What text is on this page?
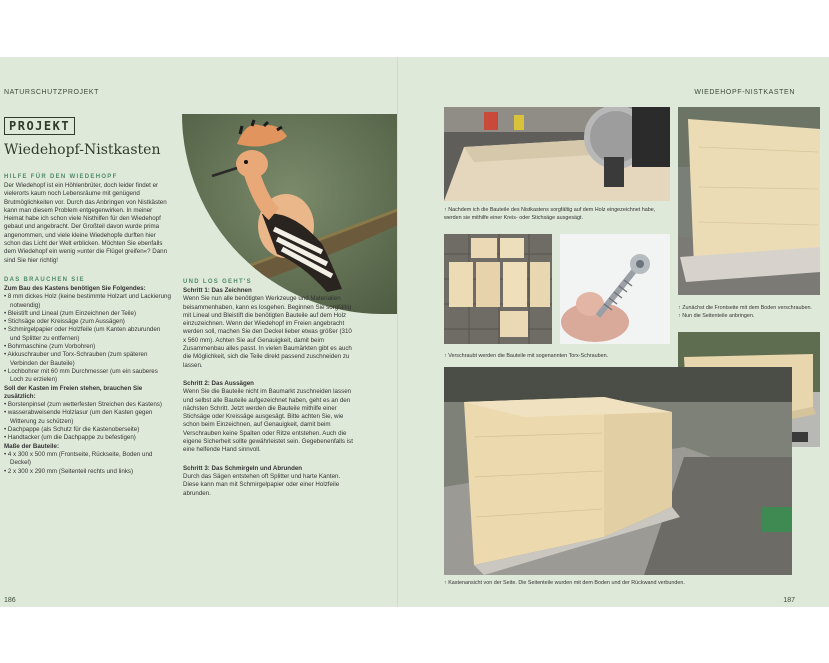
NATURSCHUTZPROJEKT
PROJEKT
Wiedehopf-Nistkasten
HILFE FÜR DEN WIEDEHOPF

Der Wiedehopf ist ein Höhlenbrüter, doch leider findet er vielerorts kaum noch Lebensräume mit genügend Brutmöglichkeiten vor. Durch das Anbringen von Nistkästen kann man diesem Problem entgegenwirken. In meiner Heimat habe ich schon viele Nisthilfen für den Wiedehopf gebaut und angebracht. Der Großteil davon wurde prima angenommen, und viele kleine Wiedehopfe durften hier schon das Licht der Welt erblicken. Möchten Sie ebenfalls dem Wiedehopf ein wenig »unter die Flügel greifen«? Dann sind Sie hier richtig!

DAS BRAUCHEN SIE

Zum Bau des Kastens benötigen Sie Folgendes:

• 8 mm dickes Holz (keine bestimmte Holzart und Lackierung notwendig)
• Bleistift und Lineal (zum Einzeichnen der Teile)
• Stichsäge oder Kreissäge (zum Aussägen)
• Schmirgelpapier oder Holzfeile (um Kanten abzurunden und Splitter zu entfernen)
• Bohrmaschine (zum Vorbohren)
• Akkuschrauber und Torx-Schrauben (zum späteren Verbinden der Bauteile)
• Lochbohrer mit 60 mm Durchmesser (um ein sauberes Loch zu erzielen)

Soll der Kasten im Freien stehen, brauchen Sie zusätzlich:

• Borstenpinsel (zum wetterfesten Streichen des Kastens)
• wasserabweisende Holzlasur (um den Kasten gegen Witterung zu schützen)
• Dachpappe (als Schutz für die Kastenoberseite)
• Handtacker (um die Dachpappe zu befestigen)

Maße der Bauteile:

• 4 x 300 x 500 mm (Frontseite, Rückseite, Boden und Deckel)
• 2 x 300 x 290 mm (Seitenteil rechts und links)
UND LOS GEHT'S

Schritt 1: Das Zeichnen

Wenn Sie nun alle benötigten Werkzeuge und Materialien beisammenhaben, kann es losgehen. Beginnen Sie sorgfältig mit Lineal und Bleistift die benötigten Bauteile auf dem Holz einzuzeichnen. Wenn der Wiedehopf im Freien angebracht werden soll, machen Sie den Deckel lieber etwas größer (310 x 560 mm). Achten Sie auf Genauigkeit, damit beim Zusammenbau alles passt. In vielen Baumärkten gibt es auch die Möglichkeit, sich die Teile direkt passend zuschneiden zu lassen.

Schritt 2: Das Aussägen

Wenn Sie die Bauteile nicht im Baumarkt zuschneiden lassen und selbst alle Bauteile aufgezeichnet haben, geht es an den nächsten Schritt. Jetzt werden die Bauteile mithilfe einer Stichsäge oder Kreissäge ausgesägt. Bitte achten Sie, wie schon beim Einzeichnen, auf Genauigkeit, damit beim Verschrauben keine Spalten oder Ritze entstehen. Auch die eigene Sicherheit sollte gewährleistet sein. Gegebenenfalls ist eine helfende Hand sinnvoll.

Schritt 3: Das Schmirgeln und Abrunden

Durch das Sägen entstehen oft Splitter und harte Kanten. Diese kann man mit Schmirgelpapier oder einer Holzfeile abrunden.

186
WIEDEHOPF-NISTKASTEN
↑ Nachdem ich die Bauteile des Nistkastens sorgfältig auf dem Holz eingezeichnet habe, werden sie mithilfe einer Kreis- oder Stichsäge ausgesägt.
↑ Verschraubt werden die Bauteile mit sogenannten Torx-Schrauben.
↑ Zunächst die Frontseite mit dem Boden verschrauben.
↑ Nun die Seitenteile anbringen.
↑ Kastenansicht von der Seite. Die Seitenteile wurden mit dem Boden und der Rückwand verbunden.
187
